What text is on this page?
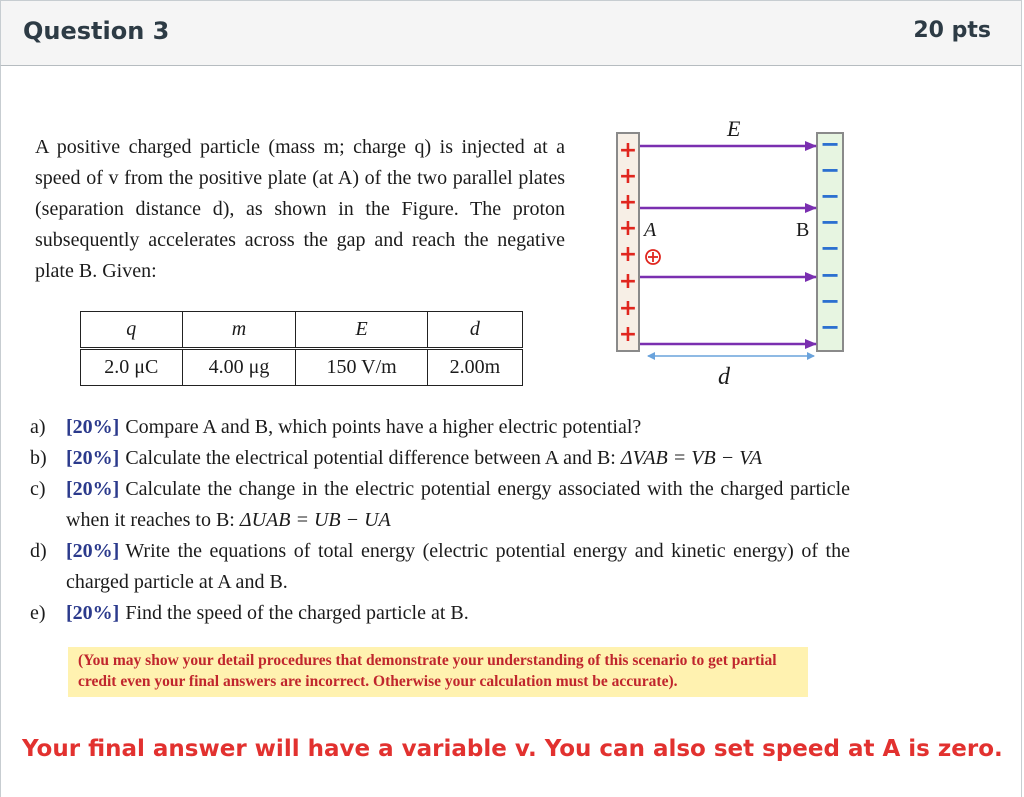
Question 3	20 pts
A positive charged particle (mass m; charge q) is injected at a speed of v from the positive plate (at A) of the two parallel plates (separation distance d), as shown in the Figure. The proton subsequently accelerates across the gap and reach the negative plate B. Given:
q	m	E	d
2.0 μC	4.00 μg	150 V/m	2.00m
E⃗
+
+
+
+
+
+
+
+
−
−
−
−
−
−
−
−
A	B
d
a)	[20%] Compare A and B, which points have a higher electric potential?
b) [20%] Calculate the electrical potential difference between A and B: ΔVAB = VB − VA
c)	[20%] Calculate the change in the electric potential energy associated with the charged particle when it reaches to B: ΔUAB = UB − UA
d) [20%] Write the equations of total energy (electric potential energy and kinetic energy) of the charged particle at A and B.
e)	[20%] Find the speed of the charged particle at B.
(You may show your detail procedures that demonstrate your understanding of this scenario to get partial credit even your final answers are incorrect. Otherwise your calculation must be accurate).
Your final answer will have a variable v. You can also set speed at A is zero.
